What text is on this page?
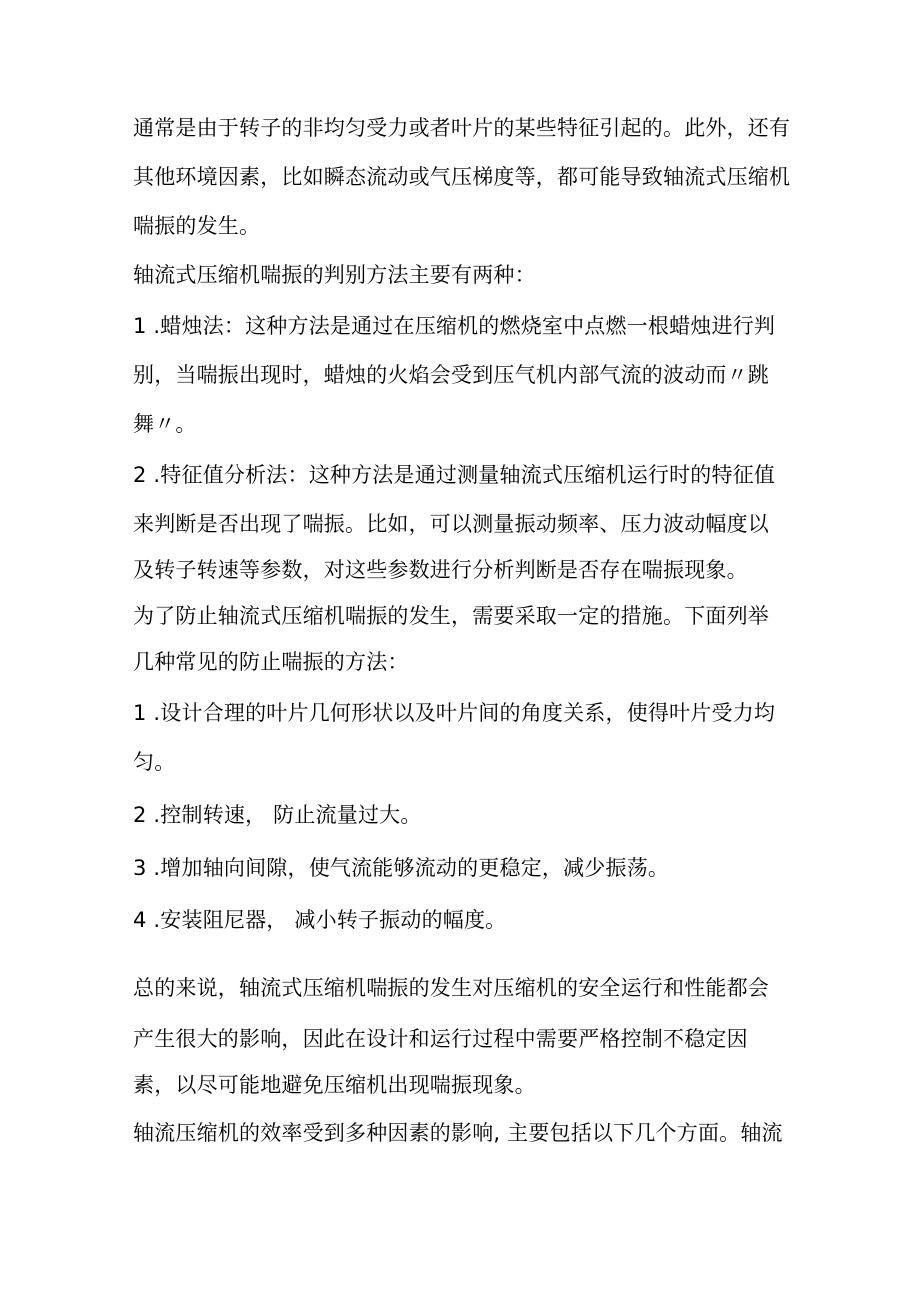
通常是由于转子的非均匀受力或者叶片的某些特征引起的。此外，还有
其他环境因素，比如瞬态流动或气压梯度等，都可能导致轴流式压缩机
喘振的发生。
轴流式压缩机喘振的判别方法主要有两种：
1 .蜡烛法：这种方法是通过在压缩机的燃烧室中点燃一根蜡烛进行判
别，当喘振出现时，蜡烛的火焰会受到压气机内部气流的波动而〃跳
舞〃。
2 .特征值分析法：这种方法是通过测量轴流式压缩机运行时的特征值
来判断是否出现了喘振。比如，可以测量振动频率、压力波动幅度以
及转子转速等参数，对这些参数进行分析判断是否存在喘振现象。
为了防止轴流式压缩机喘振的发生，需要采取一定的措施。下面列举
几种常见的防止喘振的方法：
1 .设计合理的叶片几何形状以及叶片间的角度关系，使得叶片受力均
匀。
2 .控制转速， 防止流量过大。
3 .增加轴向间隙，使气流能够流动的更稳定，减少振荡。
4 .安装阻尼器， 减小转子振动的幅度。
总的来说，轴流式压缩机喘振的发生对压缩机的安全运行和性能都会
产生很大的影响，因此在设计和运行过程中需要严格控制不稳定因
素，以尽可能地避免压缩机出现喘振现象。
轴流压缩机的效率受到多种因素的影响, 主要包括以下几个方面。轴流
